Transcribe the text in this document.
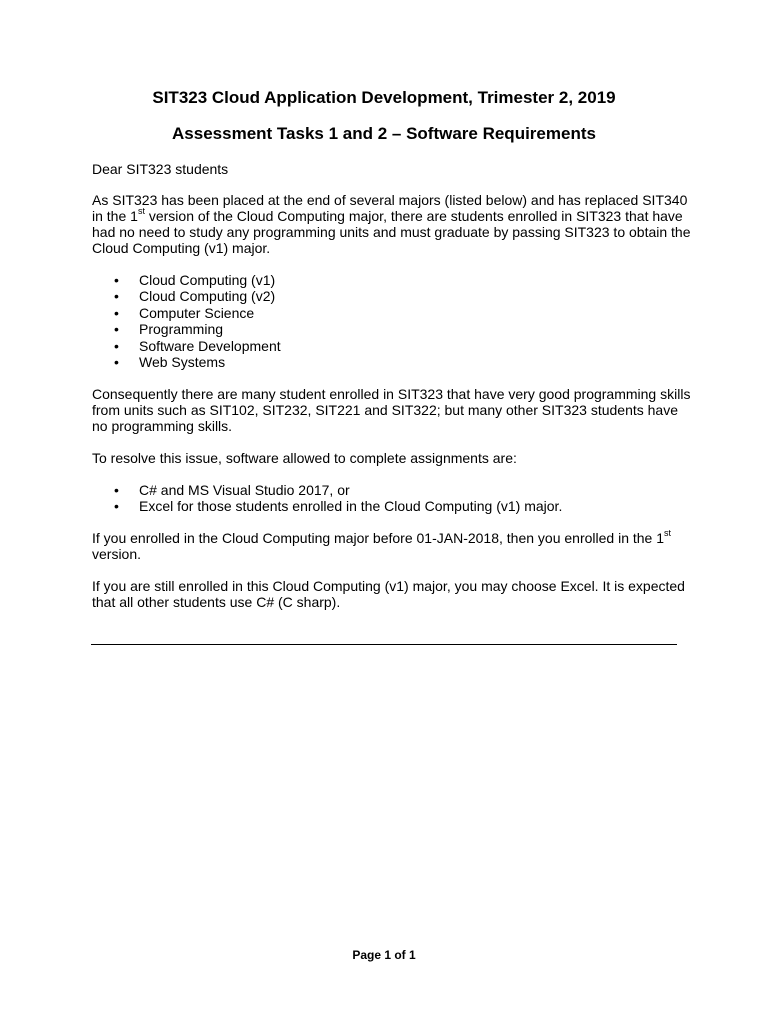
SIT323 Cloud Application Development, Trimester 2, 2019
Assessment Tasks 1 and 2 – Software Requirements

Dear SIT323 students

As SIT323 has been placed at the end of several majors (listed below) and has replaced SIT340 in the 1st version of the Cloud Computing major, there are students enrolled in SIT323 that have had no need to study any programming units and must graduate by passing SIT323 to obtain the Cloud Computing (v1) major.

• Cloud Computing (v1)
• Cloud Computing (v2)
• Computer Science
• Programming
• Software Development
• Web Systems

Consequently there are many student enrolled in SIT323 that have very good programming skills from units such as SIT102, SIT232, SIT221 and SIT322; but many other SIT323 students have no programming skills.

To resolve this issue, software allowed to complete assignments are:

• C# and MS Visual Studio 2017, or
• Excel for those students enrolled in the Cloud Computing (v1) major.

If you enrolled in the Cloud Computing major before 01-JAN-2018, then you enrolled in the 1st version.

If you are still enrolled in this Cloud Computing (v1) major, you may choose Excel. It is expected that all other students use C# (C sharp).

Page 1 of 1
